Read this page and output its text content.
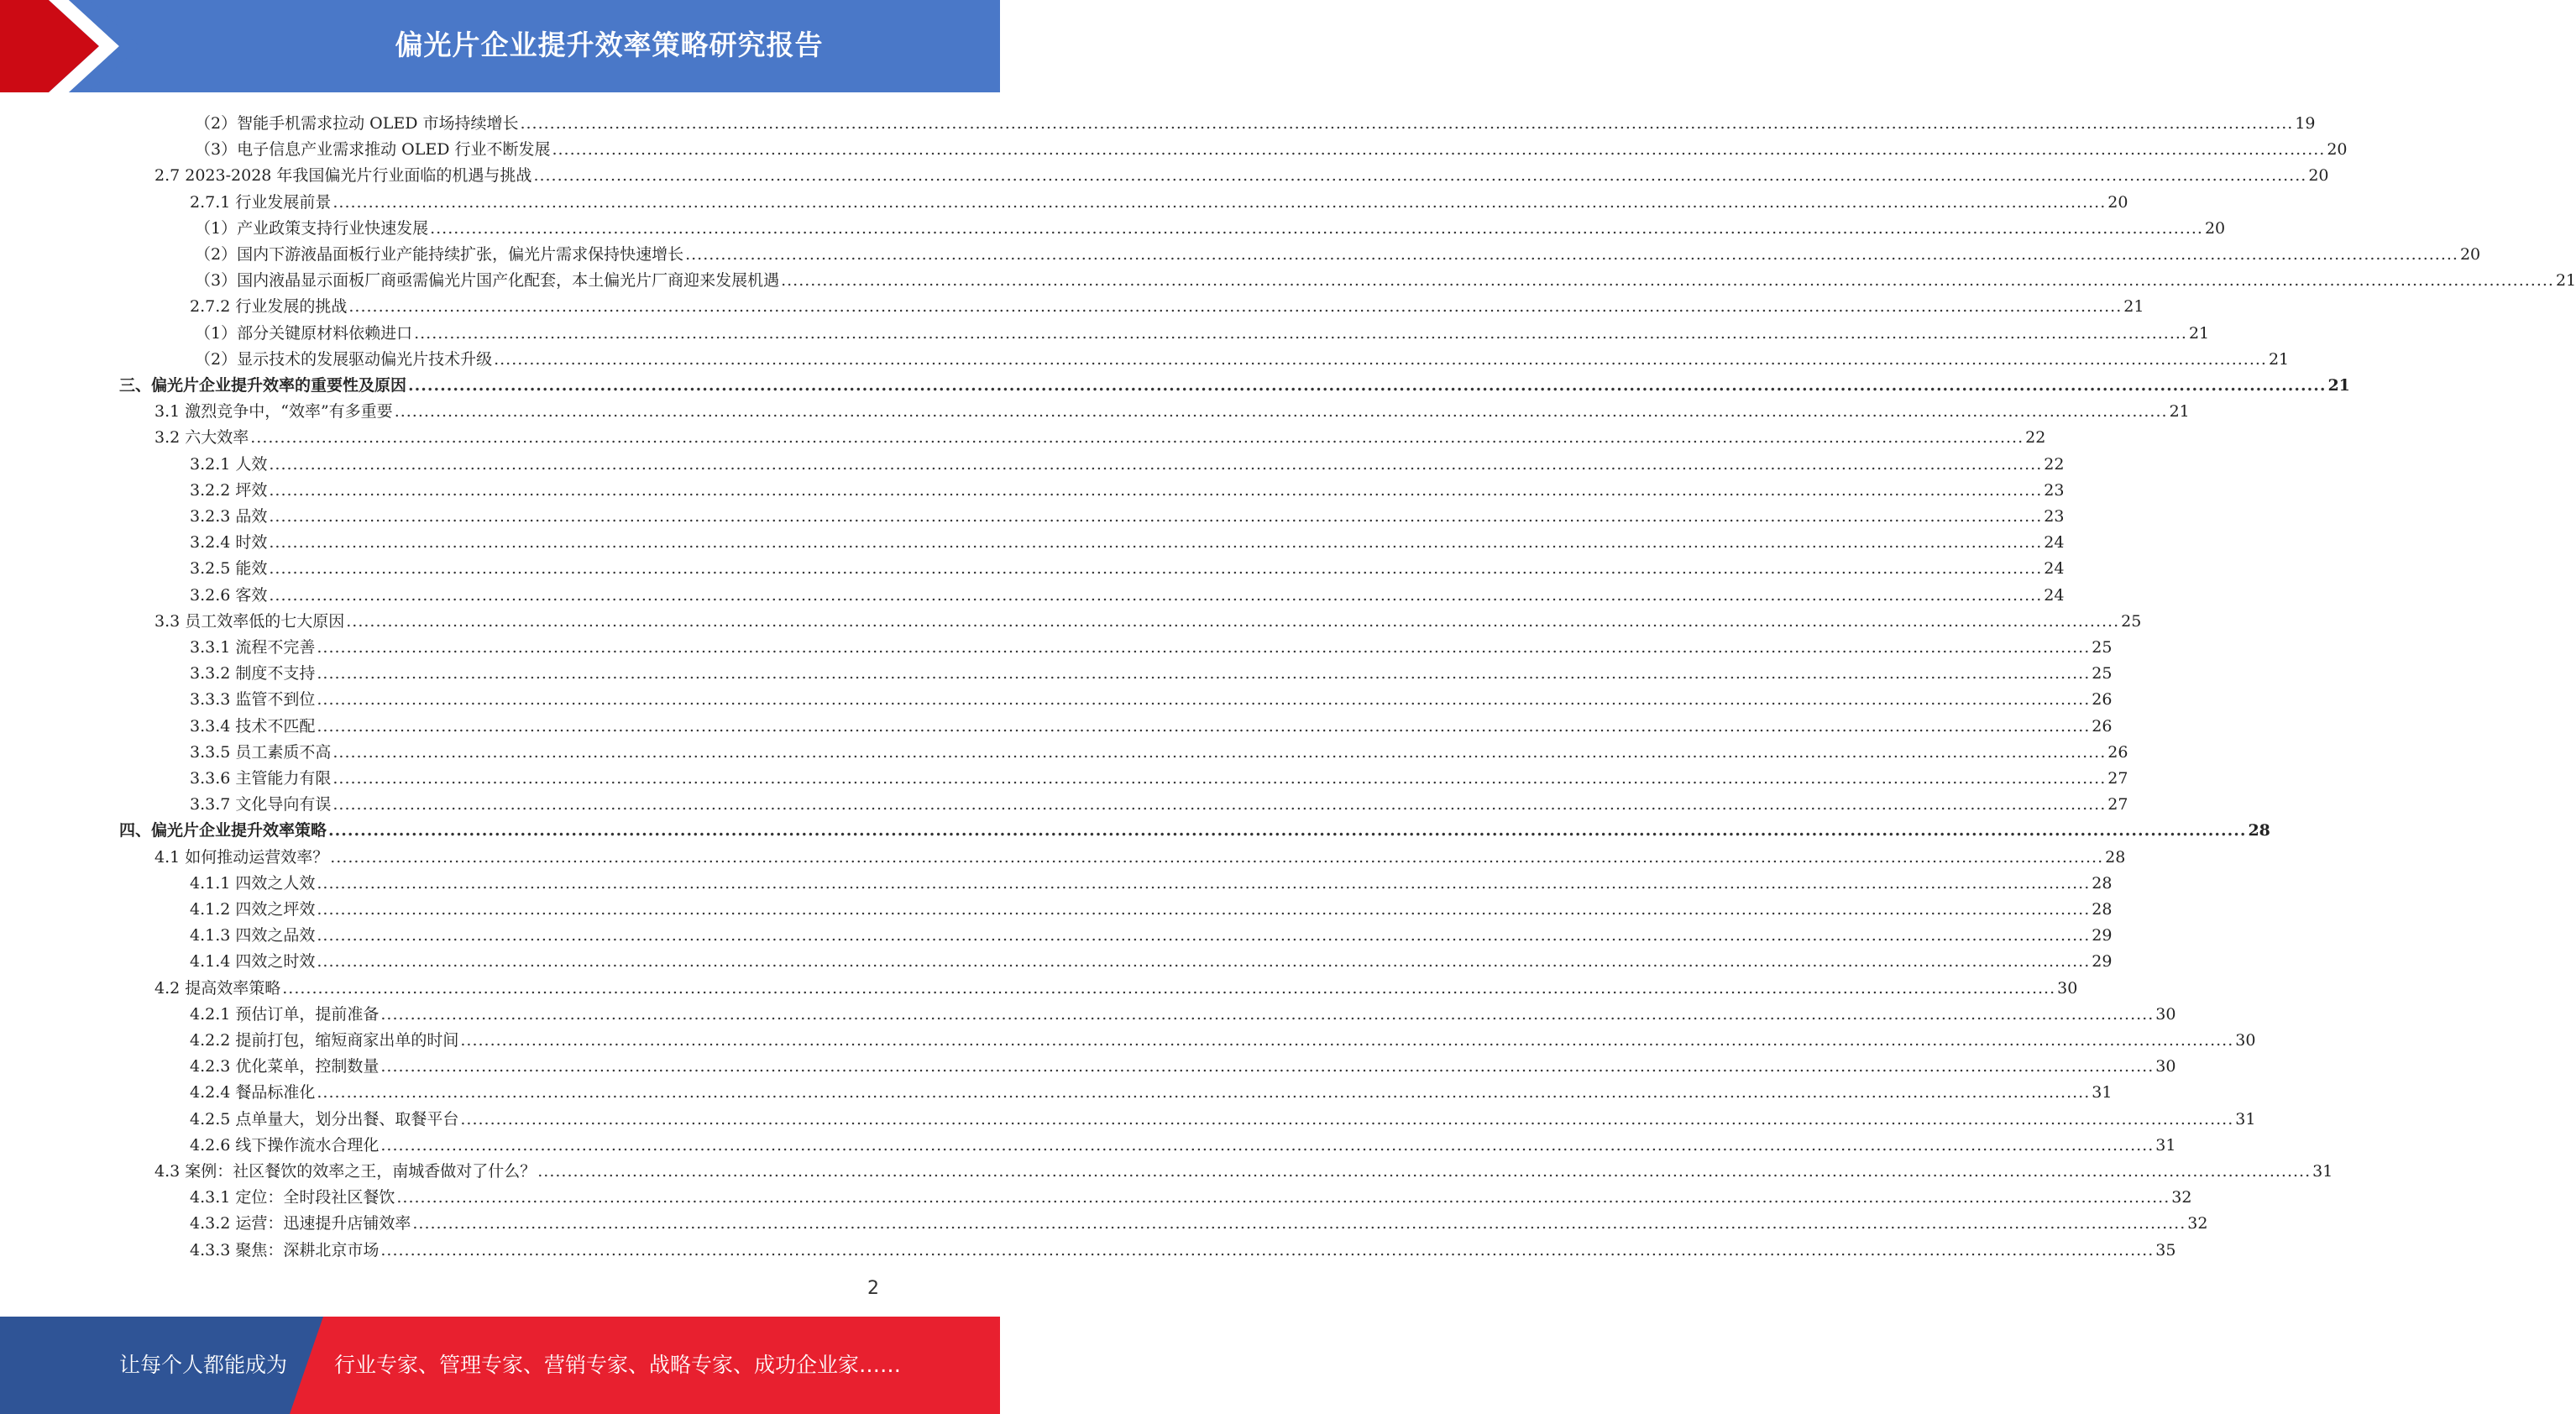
偏光片企业提升效率策略研究报告
（2）智能手机需求拉动 OLED 市场持续增长 ............................................................................................................................................................................................................................................................................................................ 19
（3）电子信息产业需求推动 OLED 行业不断发展 ............................................................................................................................................................................................................................................................................................................ 20
2.7 2023-2028 年我国偏光片行业面临的机遇与挑战 ............................................................................................................................................................................................................................................................................................................ 20
2.7.1 行业发展前景 ............................................................................................................................................................................................................................................................................................................ 20
（1）产业政策支持行业快速发展 ............................................................................................................................................................................................................................................................................................................ 20
（2）国内下游液晶面板行业产能持续扩张，偏光片需求保持快速增长 ............................................................................................................................................................................................................................................................................................................ 20
（3）国内液晶显示面板厂商亟需偏光片国产化配套，本土偏光片厂商迎来发展机遇 ............................................................................................................................................................................................................................................................................................................ 21
2.7.2 行业发展的挑战 ............................................................................................................................................................................................................................................................................................................ 21
（1）部分关键原材料依赖进口 ............................................................................................................................................................................................................................................................................................................ 21
（2）显示技术的发展驱动偏光片技术升级 ............................................................................................................................................................................................................................................................................................................ 21
三、偏光片企业提升效率的重要性及原因 ............................................................................................................................................................................................................................................................................................................ 21
3.1 激烈竞争中，“效率”有多重要 ............................................................................................................................................................................................................................................................................................................ 21
3.2 六大效率 ............................................................................................................................................................................................................................................................................................................ 22
3.2.1 人效 ............................................................................................................................................................................................................................................................................................................ 22
3.2.2 坪效 ............................................................................................................................................................................................................................................................................................................ 23
3.2.3 品效 ............................................................................................................................................................................................................................................................................................................ 23
3.2.4 时效 ............................................................................................................................................................................................................................................................................................................ 24
3.2.5 能效 ............................................................................................................................................................................................................................................................................................................ 24
3.2.6 客效 ............................................................................................................................................................................................................................................................................................................ 24
3.3 员工效率低的七大原因 ............................................................................................................................................................................................................................................................................................................ 25
3.3.1 流程不完善 ............................................................................................................................................................................................................................................................................................................ 25
3.3.2 制度不支持 ............................................................................................................................................................................................................................................................................................................ 25
3.3.3 监管不到位 ............................................................................................................................................................................................................................................................................................................ 26
3.3.4 技术不匹配 ............................................................................................................................................................................................................................................................................................................ 26
3.3.5 员工素质不高 ............................................................................................................................................................................................................................................................................................................ 26
3.3.6 主管能力有限 ............................................................................................................................................................................................................................................................................................................ 27
3.3.7 文化导向有误 ............................................................................................................................................................................................................................................................................................................ 27
四、偏光片企业提升效率策略 ............................................................................................................................................................................................................................................................................................................ 28
4.1 如何推动运营效率？ ............................................................................................................................................................................................................................................................................................................ 28
4.1.1 四效之人效 ............................................................................................................................................................................................................................................................................................................ 28
4.1.2 四效之坪效 ............................................................................................................................................................................................................................................................................................................ 28
4.1.3 四效之品效 ............................................................................................................................................................................................................................................................................................................ 29
4.1.4 四效之时效 ............................................................................................................................................................................................................................................................................................................ 29
4.2 提高效率策略 ............................................................................................................................................................................................................................................................................................................ 30
4.2.1 预估订单，提前准备 ............................................................................................................................................................................................................................................................................................................ 30
4.2.2 提前打包，缩短商家出单的时间 ............................................................................................................................................................................................................................................................................................................ 30
4.2.3 优化菜单，控制数量 ............................................................................................................................................................................................................................................................................................................ 30
4.2.4 餐品标准化 ............................................................................................................................................................................................................................................................................................................ 31
4.2.5 点单量大，划分出餐、取餐平台 ............................................................................................................................................................................................................................................................................................................ 31
4.2.6 线下操作流水合理化 ............................................................................................................................................................................................................................................................................................................ 31
4.3 案例：社区餐饮的效率之王，南城香做对了什么？ ............................................................................................................................................................................................................................................................................................................ 31
4.3.1 定位：全时段社区餐饮 ............................................................................................................................................................................................................................................................................................................ 32
4.3.2 运营：迅速提升店铺效率 ............................................................................................................................................................................................................................................................................................................ 32
4.3.3 聚焦：深耕北京市场 ............................................................................................................................................................................................................................................................................................................ 35
2
让每个人都能成为 行业专家、管理专家、营销专家、战略专家、成功企业家……
